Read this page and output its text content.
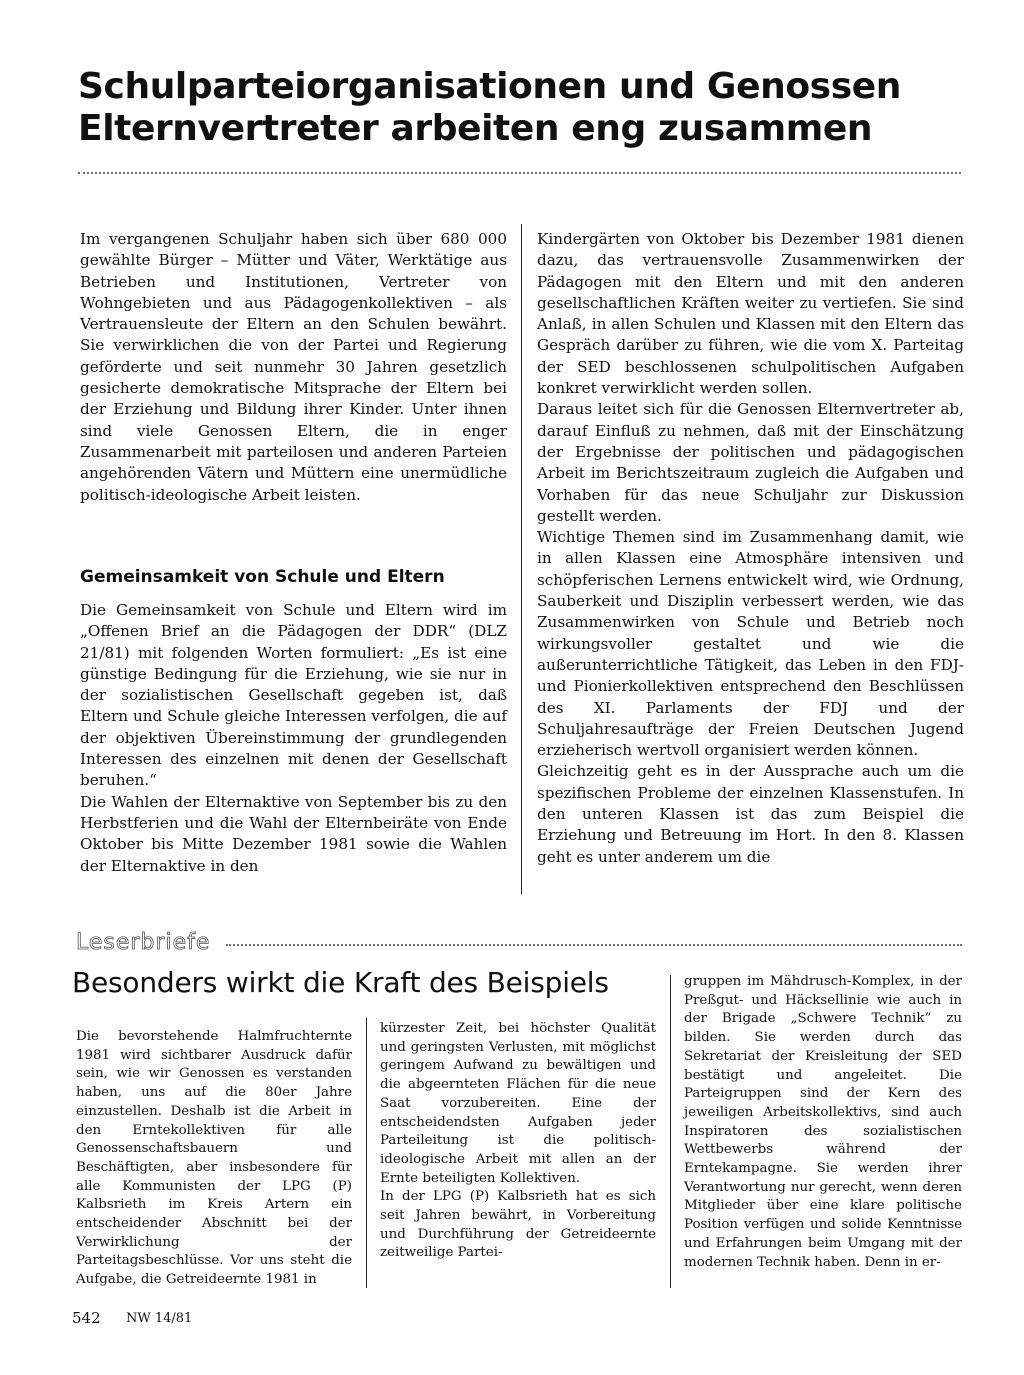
Schulparteiorganisationen und Genossen
Elternvertreter arbeiten eng zusammen

Im vergangenen Schuljahr haben sich über 680 000 gewählte Bürger – Mütter und Väter, Werktätige aus Betrieben und Institutionen, Vertreter von Wohngebieten und aus Pädagogenkollektiven – als Vertrauensleute der Eltern an den Schulen bewährt. Sie verwirklichen die von der Partei und Regierung geförderte und seit nunmehr 30 Jahren gesetzlich gesicherte demokratische Mitsprache der Eltern bei der Erziehung und Bildung ihrer Kinder. Unter ihnen sind viele Genossen Eltern, die in enger Zusammenarbeit mit parteilosen und anderen Parteien angehörenden Vätern und Müttern eine unermüdliche politisch-ideologische Arbeit leisten.

Gemeinsamkeit von Schule und Eltern

Die Gemeinsamkeit von Schule und Eltern wird im „Offenen Brief an die Pädagogen der DDR“ (DLZ 21/81) mit folgenden Worten formuliert: „Es ist eine günstige Bedingung für die Erziehung, wie sie nur in der sozialistischen Gesellschaft gegeben ist, daß Eltern und Schule gleiche Interessen verfolgen, die auf der objektiven Übereinstimmung der grundlegenden Interessen des einzelnen mit denen der Gesellschaft beruhen.“

Die Wahlen der Elternaktive von September bis zu den Herbstferien und die Wahl der Elternbeiräte von Ende Oktober bis Mitte Dezember 1981 sowie die Wahlen der Elternaktive in den

Kindergärten von Oktober bis Dezember 1981 dienen dazu, das vertrauensvolle Zusammenwirken der Pädagogen mit den Eltern und mit den anderen gesellschaftlichen Kräften weiter zu vertiefen. Sie sind Anlaß, in allen Schulen und Klassen mit den Eltern das Gespräch darüber zu führen, wie die vom X. Parteitag der SED beschlossenen schulpolitischen Aufgaben konkret verwirklicht werden sollen.

Daraus leitet sich für die Genossen Elternvertreter ab, darauf Einfluß zu nehmen, daß mit der Einschätzung der Ergebnisse der politischen und pädagogischen Arbeit im Berichtszeitraum zugleich die Aufgaben und Vorhaben für das neue Schuljahr zur Diskussion gestellt werden.

Wichtige Themen sind im Zusammenhang damit, wie in allen Klassen eine Atmosphäre intensiven und schöpferischen Lernens entwickelt wird, wie Ordnung, Sauberkeit und Disziplin verbessert werden, wie das Zusammenwirken von Schule und Betrieb noch wirkungsvoller gestaltet und wie die außerunterrichtliche Tätigkeit, das Leben in den FDJ- und Pionierkollektiven entsprechend den Beschlüssen des XI. Parlaments der FDJ und der Schuljahresaufträge der Freien Deutschen Jugend erzieherisch wertvoll organisiert werden können.

Gleichzeitig geht es in der Aussprache auch um die spezifischen Probleme der einzelnen Klassenstufen. In den unteren Klassen ist das zum Beispiel die Erziehung und Betreuung im Hort. In den 8. Klassen geht es unter anderem um die

Leserbriefe
Besonders wirkt die Kraft des Beispiels

Die bevorstehende Halmfruchternte 1981 wird sichtbarer Ausdruck dafür sein, wie wir Genossen es verstanden haben, uns auf die 80er Jahre einzustellen. Deshalb ist die Arbeit in den Erntekollektiven für alle Genossenschaftsbauern und Beschäftigten, aber insbesondere für alle Kommunisten der LPG (P) Kalbsrieth im Kreis Artern ein entscheidender Abschnitt bei der Verwirklichung der Parteitagsbeschlüsse. Vor uns steht die Aufgabe, die Getreideernte 1981 in

kürzester Zeit, bei höchster Qualität und geringsten Verlusten, mit möglichst geringem Aufwand zu bewältigen und die abgeernteten Flächen für die neue Saat vorzubereiten. Eine der entscheidendsten Aufgaben jeder Parteileitung ist die politisch-ideologische Arbeit mit allen an der Ernte beteiligten Kollektiven.

In der LPG (P) Kalbsrieth hat es sich seit Jahren bewährt, in Vorbereitung und Durchführung der Getreideernte zeitweilige Partei-

gruppen im Mähdrusch-Komplex, in der Preßgut- und Häcksellinie wie auch in der Brigade „Schwere Technik“ zu bilden. Sie werden durch das Sekretariat der Kreisleitung der SED bestätigt und angeleitet. Die Parteigruppen sind der Kern des jeweiligen Arbeitskollektivs, sind auch Inspiratoren des sozialistischen Wettbewerbs während der Erntekampagne. Sie werden ihrer Verantwortung nur gerecht, wenn deren Mitglieder über eine klare politische Position verfügen und solide Kenntnisse und Erfahrungen beim Umgang mit der modernen Technik haben. Denn in er-

542 NW 14/81
